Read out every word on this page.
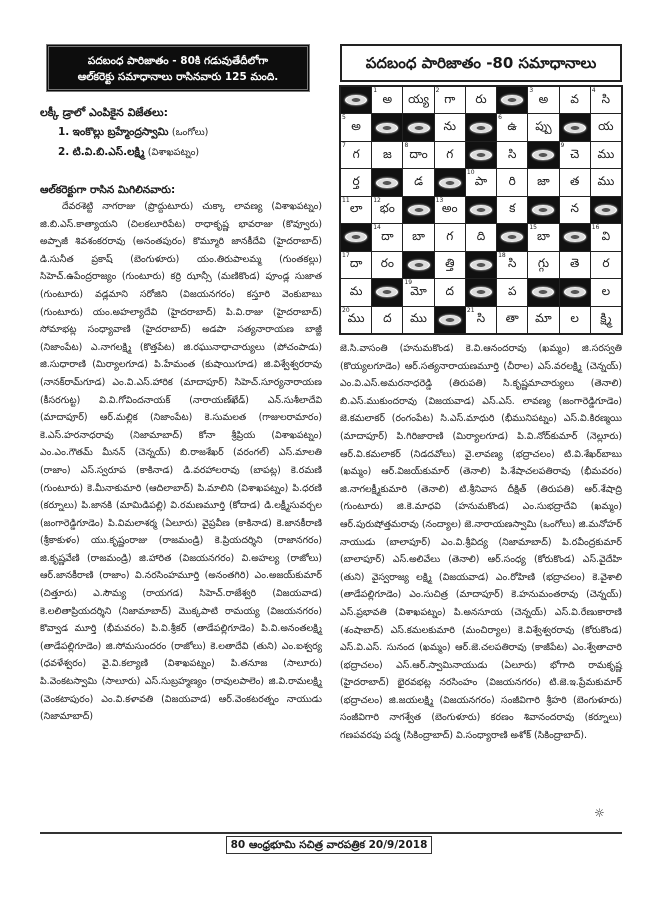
పదబంధ పారిజాతం - 80కి గడువుతేదీలోగా
ఆల్‌కరెక్టు సమాధానాలు రాసినవారు 125 మంది.
పదబంధ పారిజాతం -80 సమాధానాలు
1
అ య్య
2
గా రు
3
అ వ
4
సి
5
అ	ను
6
ఉ ప్పు	య
7
గ జ
8
దాం గ	సి
9
చె ము
ర్త	డ
10
పా రి జా త ము
11
లా
12
భం
13
అం	క	న
14
దా బా గ ది
15
బా
16
వి
17
దా రం	త్తి
18
సి గ్గు తె ర
మ
19
మో ద	ప	ల
20
ము ద ము
21
సి తా మా ల క్ష్మి
లక్కీ డ్రాలో ఎంపికైన విజేతలు:
1. ఇంకొల్లు బ్రహ్మేంద్రస్వామి (ఒంగోలు)
2. టి.వి.బి.ఎస్.లక్ష్మి (విశాఖపట్నం)
ఆల్‌కరెక్టుగా రాసిన మిగిలినవారు:
దేవరశెట్టి నాగరాజు (ప్రొద్దుటూరు) చుక్కా లావణ్య (విశాఖపట్నం) జి.బి.ఎస్.కాత్యాయని (చిలకలూరిపేట) రాధాకృష్ణ భావరాజు (కొవ్వూరు) అప్పాజీ శివశంకరరావు (అనంతపురం) కొమ్మూరి జానకీదేవి (హైదరాబాద్) డి.సునీత ప్రకాష్ (బెంగుళూరు) యం.తిరుపాలమ్మ (గుంతకల్లు) సిహెచ్.ఉపేంద్రరాజ్యం (గుంటూరు) కర్రి ఝాన్సీ (మణికొండ) పూండ్ల సుజాత (గుంటూరు) వడ్లమాని సరోజిని (విజయనగరం) కస్తూరి వెంకుబాబు (గుంటూరు) యం.అహల్యాదేవి (హైదరాబాద్) పి.వి.రాజు (హైదరాబాద్) సోమాభట్ల సంధ్యావాణి (హైదరాబాద్) అడపా సత్యనారాయణ బాజ్జీ (నిజాంపేట) ఎ.నాగలక్ష్మి (కొత్తపేట) జి.రఘునాధాచార్యులు (పోచంపాడు) జి.సుధారాణి (మిర్యాలగూడ) పి.హేమంత (కుషాయిగూడ) జి.విశ్వేశ్వరరావు (నానక్‌రామ్‌గూడ) ఎం.వి.ఎస్.హారిక (మాదాపూర్) సిహెచ్.సూర్యనారాయణ (కీసరగుట్ట) వి.వి.గోవిందనాయక్ (నారాయణ్‌ఖేడ్) ఎన్.సుశీలాదేవి (మాదాపూర్) ఆర్.మల్లిక (నిజాంపేట) కె.సుమలత (గాజులరామారం) కె.ఎస్.హరనాధరావు (నిజామాబాద్) కోనా శ్రీప్రియ (విశాఖపట్నం) ఎం.ఎం.గౌతమ్ మీనన్ (చెన్నయ్) బి.రాజశేఖర్ (వరంగల్) ఎస్.మాలతి (రాజాం) ఎస్.స్వరూప (కాకినాడ) డి.వరహాలరావు (బాపట్ల) కె.రమణి (గుంటూరు) కె.మీనాకుమారి (ఆదిలాబాద్) పి.మాలిని (విశాఖపట్నం) పి.ధరణి (కర్నూలు) పి.జానకి (మామిడిపల్లి) వి.రమణమూర్తి (కోదాడ) డి.లక్ష్మీసువర్చల (జంగారెడ్డిగూడెం) పి.విమలాశర్మ (ఏలూరు) వైప్రవీణ (కాకినాడ) కె.జానకీరాణి (శ్రీకాకుళం) యు.కృష్ణంరాజు (రాజమండ్రి) కె.ప్రియదర్శిని (రాజానగరం) జి.కృష్ణవేణి (రాజమండ్రి) జి.హారిత (విజయనగరం) వి.అహల్య (రాజోలు) ఆర్.జానకీరాణి (రాజాం) వి.నరసింహమూర్తి (అనంతగిరి) ఎం.అజయ్‌కుమార్ (చిత్తూరు) ఎ.సౌమ్య (రాయగడ) సిహెచ్.రాజేశ్వరి (విజయవాడ) కె.లలితాప్రియదర్శిని (నిజామాబాద్) మొక్కపాటి రామయ్య (విజయనగరం) కొవ్వాడ మూర్తి (భీమవరం) పి.వి.శ్రీకర్ (తాడేపల్లిగూడెం) పి.వి.అనంతలక్ష్మి (తాడేపల్లిగూడెం) జి.సోమసుందరం (రాజోలు) కె.లతాదేవి (తుని) ఎం.ఐశ్వర్య (ధవళేశ్వరం) వై.వి.కల్యాణి (విశాఖపట్నం) పి.తనూజ (సాలూరు) పి.వెంకటస్వామి (సాలూరు) ఎస్.సుబ్రహ్మణ్యం (రావులపాలెం) జి.వి.రామలక్ష్మి (వెంకటాపురం) ఎం.వి.కళావతి (విజయవాడ) ఆర్.వెంకటరత్నం నాయుడు (నిజామాబాద్)
జె.సి.వాసంతి (హనుమకొండ) కె.వి.ఆనందరావు (ఖమ్మం) జి.సరస్వతి (కొయ్యలగూడెం) ఆర్.సత్యనారాయణమూర్తి (చీరాల) ఎస్.వరలక్ష్మి (చెన్నయ్) ఎం.వి.ఎస్.అమరనాధరెడ్డి (తిరుపతి) సి.కృష్ణమాచార్యులు (తెనాలి) బి.ఎస్.ముకుందరావు (విజయవాడ) ఎస్.ఎస్. లావణ్య (జంగారెడ్డిగూడెం) జె.కమలాకర్ (రంగంపేట) సి.ఎస్.మాధురి (భీమునిపట్నం) ఎస్.వి.కిరణ్మయి (మాదాపూర్) పి.గిరిజారాణి (మిర్యాలగూడ) పి.వి.నోద్‌కుమార్ (నెల్లూరు) ఆర్.వి.కమలాకర్ (నిడదవోలు) వై.లావణ్య (భద్రాచలం) టి.వి.శేఖర్‌బాబు (ఖమ్మం) ఆర్.విజయ్‌కుమార్ (తెనాలి) పి.శేషాచలపతిరావు (భీమవరం) జి.నాగలక్ష్మీకుమారి (తెనాలి) టి.శ్రీనివాస దీక్షిత్ (తిరుపతి) ఆర్.శేషాద్రి (గుంటూరు) జి.కె.మాధవి (హనుమకొండ) ఎం.సుభద్రాదేవి (ఖమ్మం) ఆర్.పురుషోత్తమరావు (నంద్యాల) జె.నారాయణస్వామి (ఒంగోలు) జి.మనోహర్ నాయుడు (బాలాపూర్) ఎం.వి.శ్రీవిద్య (నిజామాబాద్) పి.రవీంద్రకుమార్ (బాలాపూర్) ఎస్.అలివేలు (తెనాలి) ఆర్.సంధ్య (కోరుకొండ) ఎస్.వైదేహి (తుని) వైస్వరాజ్య లక్ష్మి (విజయవాడ) ఎం.రోహిణి (భద్రాచలం) కె.వైశాలి (తాడేపల్లిగూడెం) ఎం.సుచిత్ర (మాదాపూర్) కె.హనుమంతరావు (చెన్నయ్) ఎస్.ప్రభావతి (విశాఖపట్నం) పి.అనసూయ (చెన్నయ్) ఎస్.వి.రేణుకారాణి (శంషాబాద్) ఎస్.కమలకుమారి (మంచిర్యాల) కె.విశ్వేశ్వరరావు (కోరుకొండ) ఎస్.వి.ఎస్. సునంద (ఖమ్మం) ఆర్.జె.చలపతిరావు (కాజీపేట) ఎం.శ్వేతాచారి (భద్రాచలం) ఎస్.ఆర్.స్వామినాయుడు (ఏలూరు) భోగాది రామకృష్ణ (హైదరాబాద్) భైరవభట్ల నరసింహం (విజయనగరం) టి.జె.ఇ.ప్రేమకుమార్ (భద్రాచలం) జి.జయలక్ష్మి (విజయనగరం) సంజీవిగారి శ్రీహరి (బెంగుళూరు) సంజీవిగారి నాగశ్వేత (బెంగుళూరు) కరణం శివానందరావు (కర్నూలు) గణపవరపు పద్మ (సికింద్రాబాద్) వి.సంధ్యారాణి అశోక్ (సికింద్రాబాద్).
☼
80 ఆంధ్రభూమి సచిత్ర వారపత్రిక 20/9/2018
